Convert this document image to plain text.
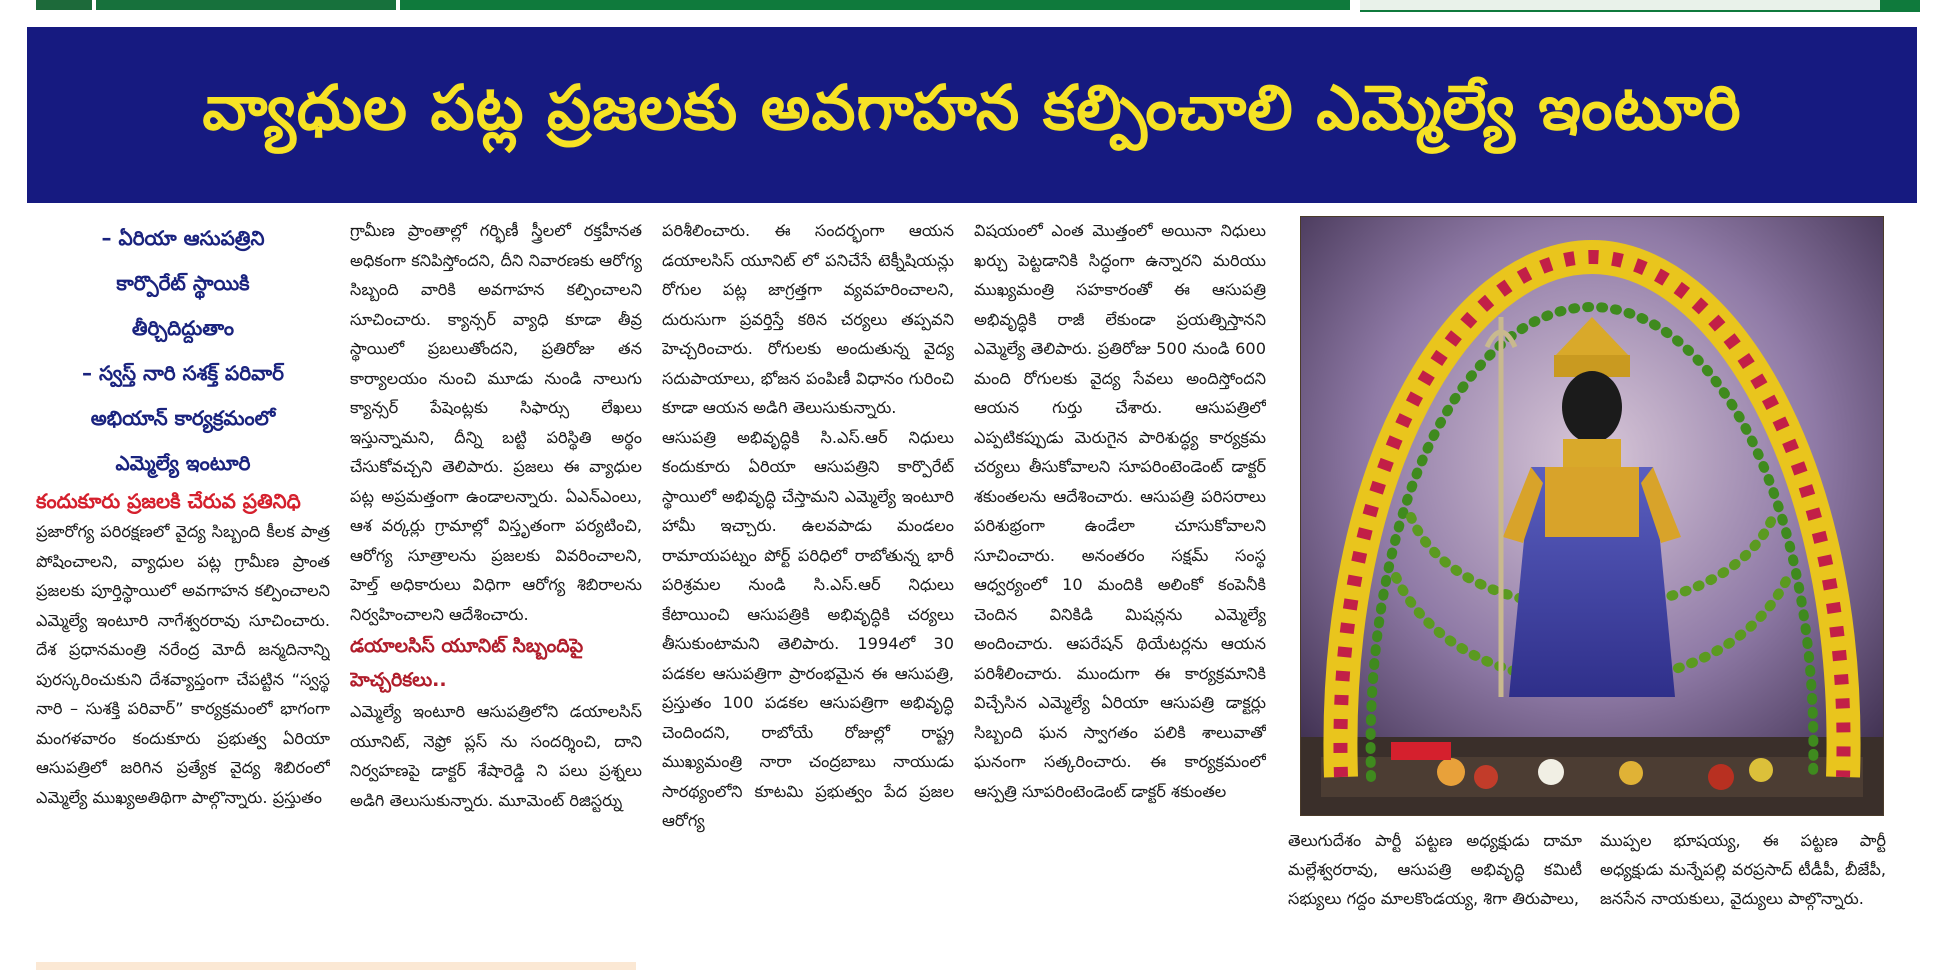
వ్యాధుల పట్ల ప్రజలకు అవగాహన కల్పించాలి ఎమ్మెల్యే ఇంటూరి

– ఏరియా ఆసుపత్రిని

కార్పొరేట్ స్థాయికి

తీర్చిదిద్దుతాం

– స్వస్త్ నారి సశక్త్ పరివార్

అభియాన్ కార్యక్రమంలో

ఎమ్మెల్యే ఇంటూరి

కందుకూరు ప్రజలకి చేరువ ప్రతినిధి

ప్రజారోగ్య పరిరక్షణలో వైద్య సిబ్బంది కీలక పాత్ర పోషించాలని, వ్యాధుల పట్ల గ్రామీణ ప్రాంత ప్రజలకు పూర్తిస్థాయిలో అవగాహన కల్పించాలని ఎమ్మెల్యే ఇంటూరి నాగేశ్వరరావు సూచించారు. దేశ ప్రధానమంత్రి నరేంద్ర మోదీ జన్మదినాన్ని పురస్కరించుకుని దేశవ్యాప్తంగా చేపట్టిన “స్వస్థ నారి – సుశక్తి పరివార్” కార్యక్రమంలో భాగంగా మంగళవారం కందుకూరు ప్రభుత్వ ఏరియా ఆసుపత్రిలో జరిగిన ప్రత్యేక వైద్య శిబిరంలో ఎమ్మెల్యే ముఖ్యఅతిథిగా పాల్గొన్నారు. ప్రస్తుతం

గ్రామీణ ప్రాంతాల్లో గర్భిణీ స్త్రీలలో రక్తహీనత అధికంగా కనిపిస్తోందని, దీని నివారణకు ఆరోగ్య సిబ్బంది వారికి అవగాహన కల్పించాలని సూచించారు. క్యాన్సర్ వ్యాధి కూడా తీవ్ర స్థాయిలో ప్రబలుతోందని, ప్రతిరోజు తన కార్యాలయం నుంచి మూడు నుండి నాలుగు క్యాన్సర్ పేషెంట్లకు సిఫార్సు లేఖలు ఇస్తున్నామని, దీన్ని బట్టి పరిస్థితి అర్థం చేసుకోవచ్చని తెలిపారు. ప్రజలు ఈ వ్యాధుల పట్ల అప్రమత్తంగా ఉండాలన్నారు. ఏఎన్ఎంలు, ఆశ వర్కర్లు గ్రామాల్లో విస్తృతంగా పర్యటించి, ఆరోగ్య సూత్రాలను ప్రజలకు వివరించాలని, హెల్త్ అధికారులు విధిగా ఆరోగ్య శిబిరాలను నిర్వహించాలని ఆదేశించారు.

డయాలసిస్ యూనిట్ సిబ్బందిపై హెచ్చరికలు..

ఎమ్మెల్యే ఇంటూరి ఆసుపత్రిలోని డయాలసిస్ యూనిట్, నెఫ్రో ప్లస్ ను సందర్శించి, దాని నిర్వహణపై డాక్టర్ శేషారెడ్డి ని పలు ప్రశ్నలు అడిగి తెలుసుకున్నారు. మూమెంట్ రిజిస్టర్ను

పరిశీలించారు. ఈ సందర్భంగా ఆయన డయాలసిస్ యూనిట్ లో పనిచేసే టెక్నీషియన్లు రోగుల పట్ల జాగ్రత్తగా వ్యవహరించాలని, దురుసుగా ప్రవర్తిస్తే కఠిన చర్యలు తప్పవని హెచ్చరించారు. రోగులకు అందుతున్న వైద్య సదుపాయాలు, భోజన పంపిణీ విధానం గురించి కూడా ఆయన అడిగి తెలుసుకున్నారు.

ఆసుపత్రి అభివృద్ధికి సి.ఎస్.ఆర్ నిధులు కందుకూరు ఏరియా ఆసుపత్రిని కార్పొరేట్ స్థాయిలో అభివృద్ధి చేస్తామని ఎమ్మెల్యే ఇంటూరి హామీ ఇచ్చారు. ఉలవపాడు మండలం రామాయపట్నం పోర్ట్ పరిధిలో రాబోతున్న భారీ పరిశ్రమల నుండి సి.ఎస్.ఆర్ నిధులు కేటాయించి ఆసుపత్రికి అభివృద్ధికి చర్యలు తీసుకుంటామని తెలిపారు. 1994లో 30 పడకల ఆసుపత్రిగా ప్రారంభమైన ఈ ఆసుపత్రి, ప్రస్తుతం 100 పడకల ఆసుపత్రిగా అభివృద్ధి చెందిందని, రాబోయే రోజుల్లో రాష్ట్ర ముఖ్యమంత్రి నారా చంద్రబాబు నాయుడు సారథ్యంలోని కూటమి ప్రభుత్వం పేద ప్రజల ఆరోగ్య

విషయంలో ఎంత మొత్తంలో అయినా నిధులు ఖర్చు పెట్టడానికి సిద్ధంగా ఉన్నారని మరియు ముఖ్యమంత్రి సహకారంతో ఈ ఆసుపత్రి అభివృద్ధికి రాజీ లేకుండా ప్రయత్నిస్తానని ఎమ్మెల్యే తెలిపారు. ప్రతిరోజు 500 నుండి 600 మంది రోగులకు వైద్య సేవలు అందిస్తోందని ఆయన గుర్తు చేశారు. ఆసుపత్రిలో ఎప్పటికప్పుడు మెరుగైన పారిశుద్ధ్య కార్యక్రమ చర్యలు తీసుకోవాలని సూపరింటెండెంట్ డాక్టర్ శకుంతలను ఆదేశించారు. ఆసుపత్రి పరిసరాలు పరిశుభ్రంగా ఉండేలా చూసుకోవాలని సూచించారు. అనంతరం సక్షమ్ సంస్థ ఆధ్వర్యంలో 10 మందికి అలింకో కంపెనీకి చెందిన వినికిడి మిషన్లను ఎమ్మెల్యే అందించారు. ఆపరేషన్ థియేటర్లను ఆయన పరిశీలించారు. ముందుగా ఈ కార్యక్రమానికి విచ్చేసిన ఎమ్మెల్యే ఏరియా ఆసుపత్రి డాక్టర్లు సిబ్బంది ఘన స్వాగతం పలికి శాలువాతో ఘనంగా సత్కరించారు. ఈ కార్యక్రమంలో ఆస్పత్రి సూపరింటెండెంట్ డాక్టర్ శకుంతల

తెలుగుదేశం పార్టీ పట్టణ అధ్యక్షుడు దామా మల్లేశ్వరరావు, ఆసుపత్రి అభివృద్ధి కమిటీ సభ్యులు గద్దం మాలకొండయ్య, శిగా తిరుపాలు,

ముప్పల భూషయ్య, ఈ పట్టణ పార్టీ అధ్యక్షుడు మన్నేపల్లి వరప్రసాద్ టీడీపీ, బీజేపీ, జనసేన నాయకులు, వైద్యులు పాల్గొన్నారు.
